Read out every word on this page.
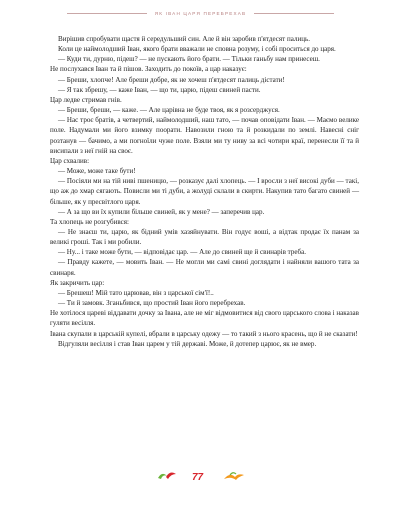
ЯК ІВАН ЦАРЯ ПЕРЕБРЕХАВ

Вирішив спробувати щастя й середульший син. Але й він заробив п'ятдесят палиць.

Коли це наймолодший Іван, якого брати вважали не сповна розуму, і собі проситься до царя.

— Куди ти, дурню, підеш? — не пускають його брати. — Тільки ганьбу нам принесеш.

Не послухався Іван та й пішов. Заходить до покоїв, а цар наказує:

— Бреши, хлопче! Але бреши добре, як не хочеш п'ятдесят палиць дістати!

— Я так збрешу, — каже Іван, — що ти, царю, підеш свиней пасти.

Цар ледве стримав гнів.

— Бреши, бреши, — каже. — Але царівна не буде твоя, як я розсерджуся.

— Нас троє братів, а четвертий, наймолодший, наш тато, — почав оповідати Іван. — Маємо велике поле. Надумали ми його взимку поорати. Навозили гною та й розкидали по землі. Навесні сніг розтанув — бачимо, а ми погноїли чуже поле. Взяли ми ту ниву за всі чотири краї, перенесли її та й висипали з неї гній на своє.

Цар схвалив:

— Може, може таке бути!

— Посіяли ми на тій ниві пшеницю, — розказує далі хлопець. — І вросли з неї високі дуби — такі, що аж до хмар сягають. Повисли ми ті дуби, а жолуді склали в скирти. Накупив тато багато свиней — більше, як у пресвітлого царя.

— А за що ви їх купили більше свиней, як у мене? — заперечив цар.

Та хлопець не розгубився:

— Не знаєш ти, царю, як бідний умів хазяйнувати. Він годує воші, а відтак продає їх панам за великі гроші. Так і ми робили.

— Ну... і таке може бути, — відповідає цар. — Але до свиней ще й свинарів треба.

— Правду кажете, — мовить Іван. — Не могли ми самі свині доглядати і найняли вашого тата за свинаря.

Як закричить цар:

— Брешеш! Мій тато царював, він з царської сім'ї!..

— Ти й замовк. Зганьбився, що простий Іван його перебрехав.

Не хотілося цареві віддавати дочку за Івана, але не міг відмовитися від свого царського слова і наказав гуляти весілля.

Івана скупали в царській купелі, вбрали в царську одежу — то такий з нього красень, що й не сказати!

Відгуляли весілля і став Іван царем у тій державі. Може, й дотепер царює, як не вмер.

77
